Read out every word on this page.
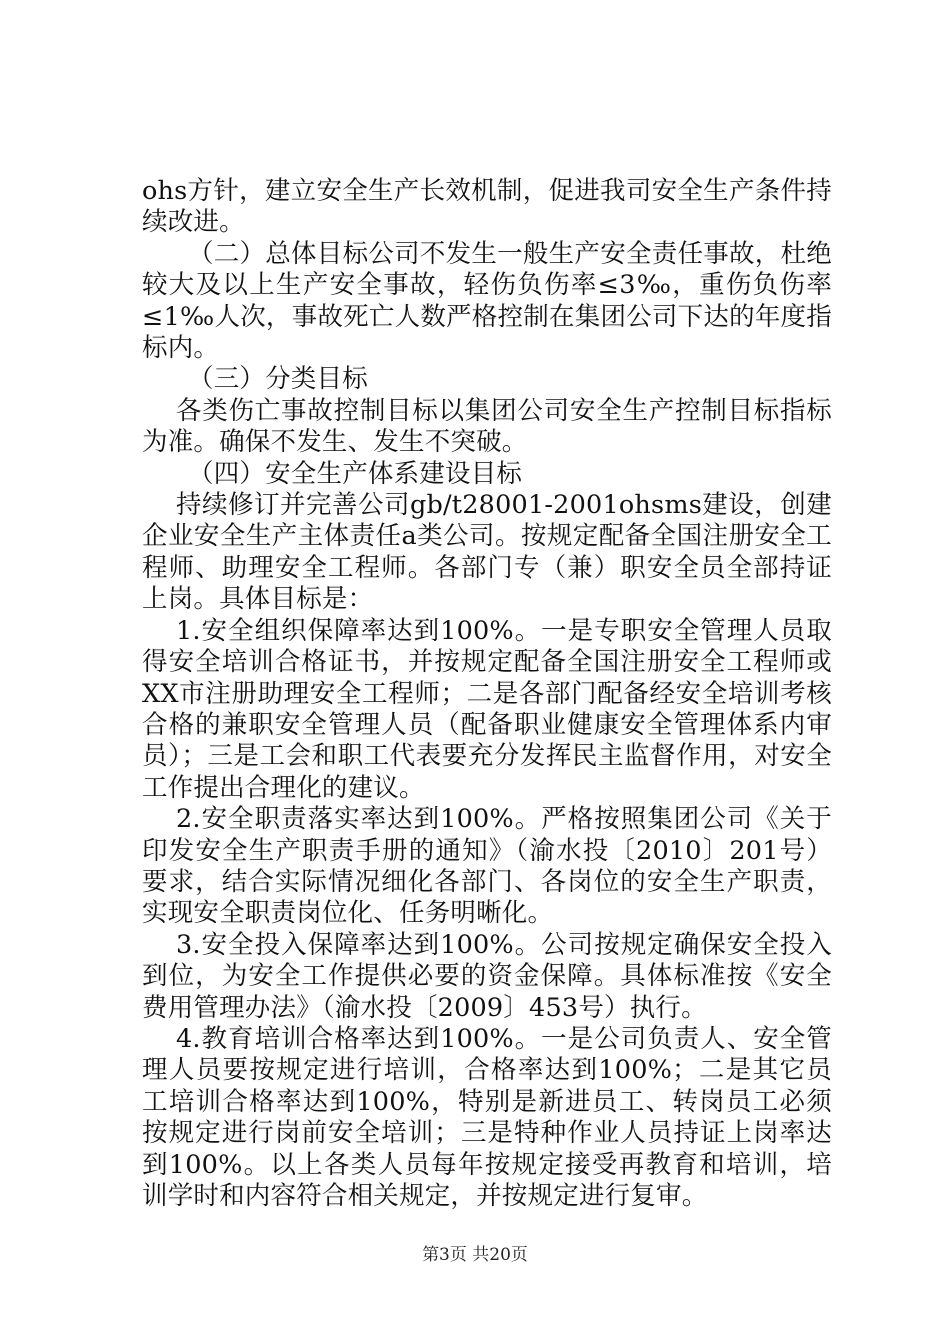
ohs方针，建立安全生产长效机制，促进我司安全生产条件持续改进。

（二）总体目标公司不发生一般生产安全责任事故，杜绝较大及以上生产安全事故，轻伤负伤率≤3‰，重伤负伤率≤1‰人次，事故死亡人数严格控制在集团公司下达的年度指标内。

（三）分类目标

各类伤亡事故控制目标以集团公司安全生产控制目标指标为准。确保不发生、发生不突破。

（四）安全生产体系建设目标

持续修订并完善公司gb/t28001-2001ohsms建设，创建企业安全生产主体责任a类公司。按规定配备全国注册安全工程师、助理安全工程师。各部门专（兼）职安全员全部持证上岗。具体目标是：

1.安全组织保障率达到100%。一是专职安全管理人员取得安全培训合格证书，并按规定配备全国注册安全工程师或XX市注册助理安全工程师；二是各部门配备经安全培训考核合格的兼职安全管理人员（配备职业健康安全管理体系内审员）；三是工会和职工代表要充分发挥民主监督作用，对安全工作提出合理化的建议。

2.安全职责落实率达到100%。严格按照集团公司《关于印发安全生产职责手册的通知》（渝水投〔2010〕201号）要求，结合实际情况细化各部门、各岗位的安全生产职责，实现安全职责岗位化、任务明晰化。

3.安全投入保障率达到100%。公司按规定确保安全投入到位，为安全工作提供必要的资金保障。具体标准按《安全费用管理办法》（渝水投〔2009〕453号）执行。

4.教育培训合格率达到100%。一是公司负责人、安全管理人员要按规定进行培训，合格率达到100%；二是其它员工培训合格率达到100%，特别是新进员工、转岗员工必须按规定进行岗前安全培训；三是特种作业人员持证上岗率达到100%。以上各类人员每年按规定接受再教育和培训，培训学时和内容符合相关规定，并按规定进行复审。

第3页 共20页
